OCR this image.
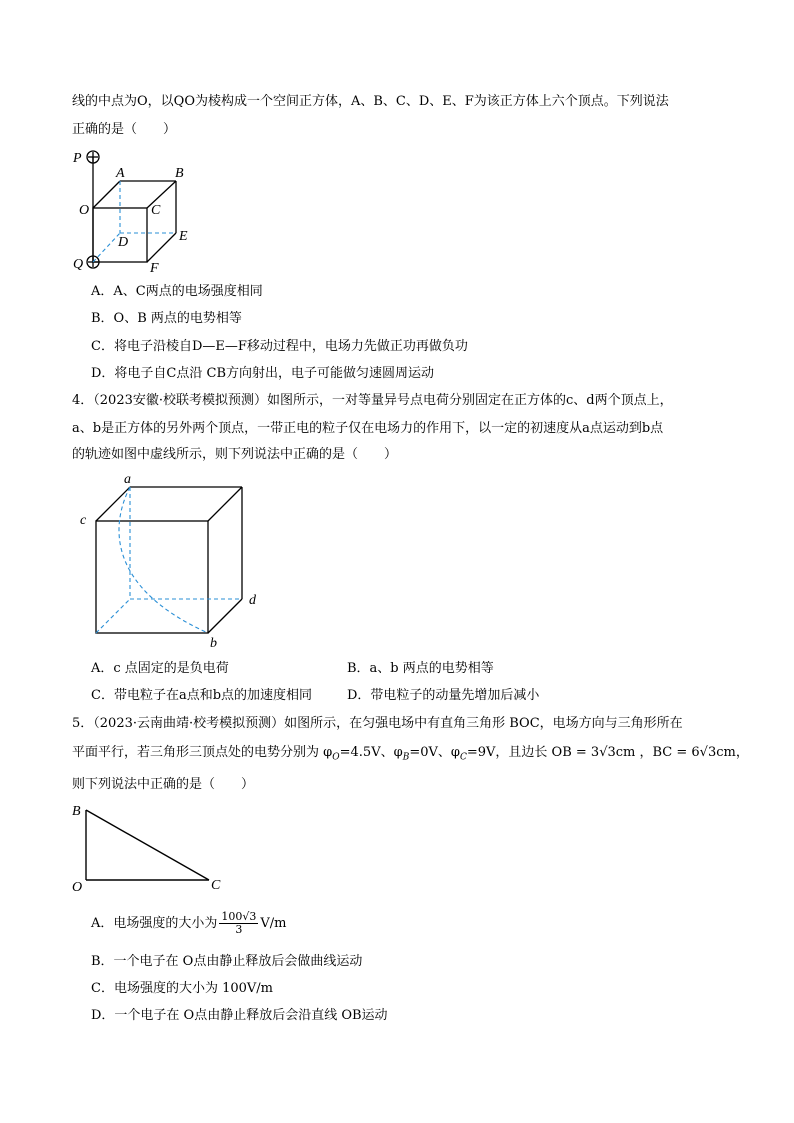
线的中点为O，以QO为棱构成一个空间正方体，A、B、C、D、E、F为该正方体上六个顶点。下列说法
正确的是（　　）
P
A	B
O	C
D	E
Q	F
A．A、C两点的电场强度相同
B．O、B 两点的电势相等
C．将电子沿棱自D—E—F移动过程中，电场力先做正功再做负功
D．将电子自C点沿 CB方向射出，电子可能做匀速圆周运动
4．（2023安徽·校联考模拟预测）如图所示，一对等量异号点电荷分别固定在正方体的c、d两个顶点上，
a、b是正方体的另外两个顶点，一带正电的粒子仅在电场力的作用下，以一定的初速度从a点运动到b点
的轨迹如图中虚线所示，则下列说法中正确的是（　　）
a
c
d
b
A．c 点固定的是负电荷	B．a、b 两点的电势相等
C．带电粒子在a点和b点的加速度相同	D．带电粒子的动量先增加后减小
5．（2023·云南曲靖·校考模拟预测）如图所示，在匀强电场中有直角三角形 BOC，电场方向与三角形所在
平面平行，若三角形三顶点处的电势分别为 $\varphi_O=4.5V$、$\varphi_B=0V$、$\varphi_C=9V$，且边长 OB = 3√3cm ，BC = 6√3cm，
则下列说法中正确的是（　　）
B
O	C
A．电场强度的大小为 $\frac{100√3}{3} V/m$
B．一个电子在 O点由静止释放后会做曲线运动
C．电场强度的大小为 100V/m
D．一个电子在 O点由静止释放后会沿直线 OB运动
